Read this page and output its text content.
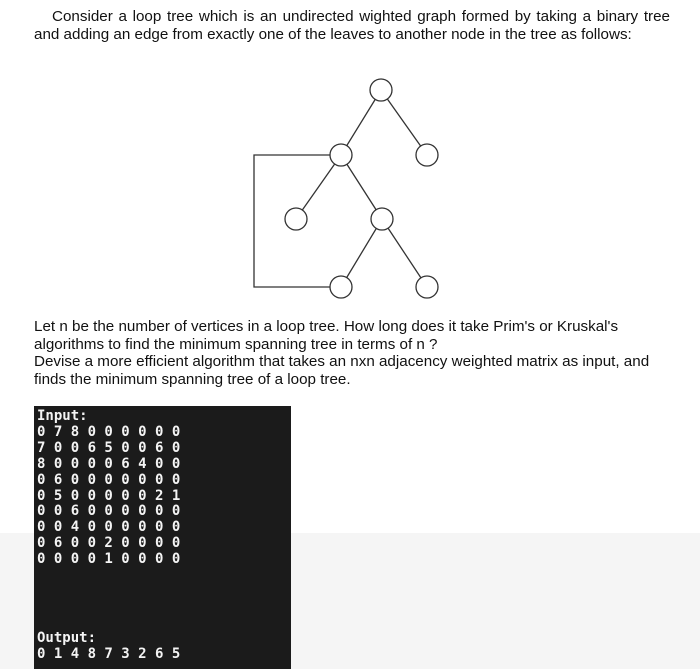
Consider a loop tree which is an undirected wighted graph formed by taking a binary tree and adding an edge from exactly one of the leaves to another node in the tree as follows:

Let n be the number of vertices in a loop tree. How long does it take Prim's or Kruskal's algorithms to find the minimum spanning tree in terms of n ?
Devise a more efficient algorithm that takes an nxn adjacency weighted matrix as input, and finds the minimum spanning tree of a loop tree.
Input:
0 7 8 0 0 0 0 0 0
7 0 0 6 5 0 0 6 0
8 0 0 0 0 6 4 0 0
0 6 0 0 0 0 0 0 0
0 5 0 0 0 0 0 2 1
0 0 6 0 0 0 0 0 0
0 0 4 0 0 0 0 0 0
0 6 0 0 2 0 0 0 0
0 0 0 0 1 0 0 0 0
Output:
0 1 4 8 7 3 2 6 5
